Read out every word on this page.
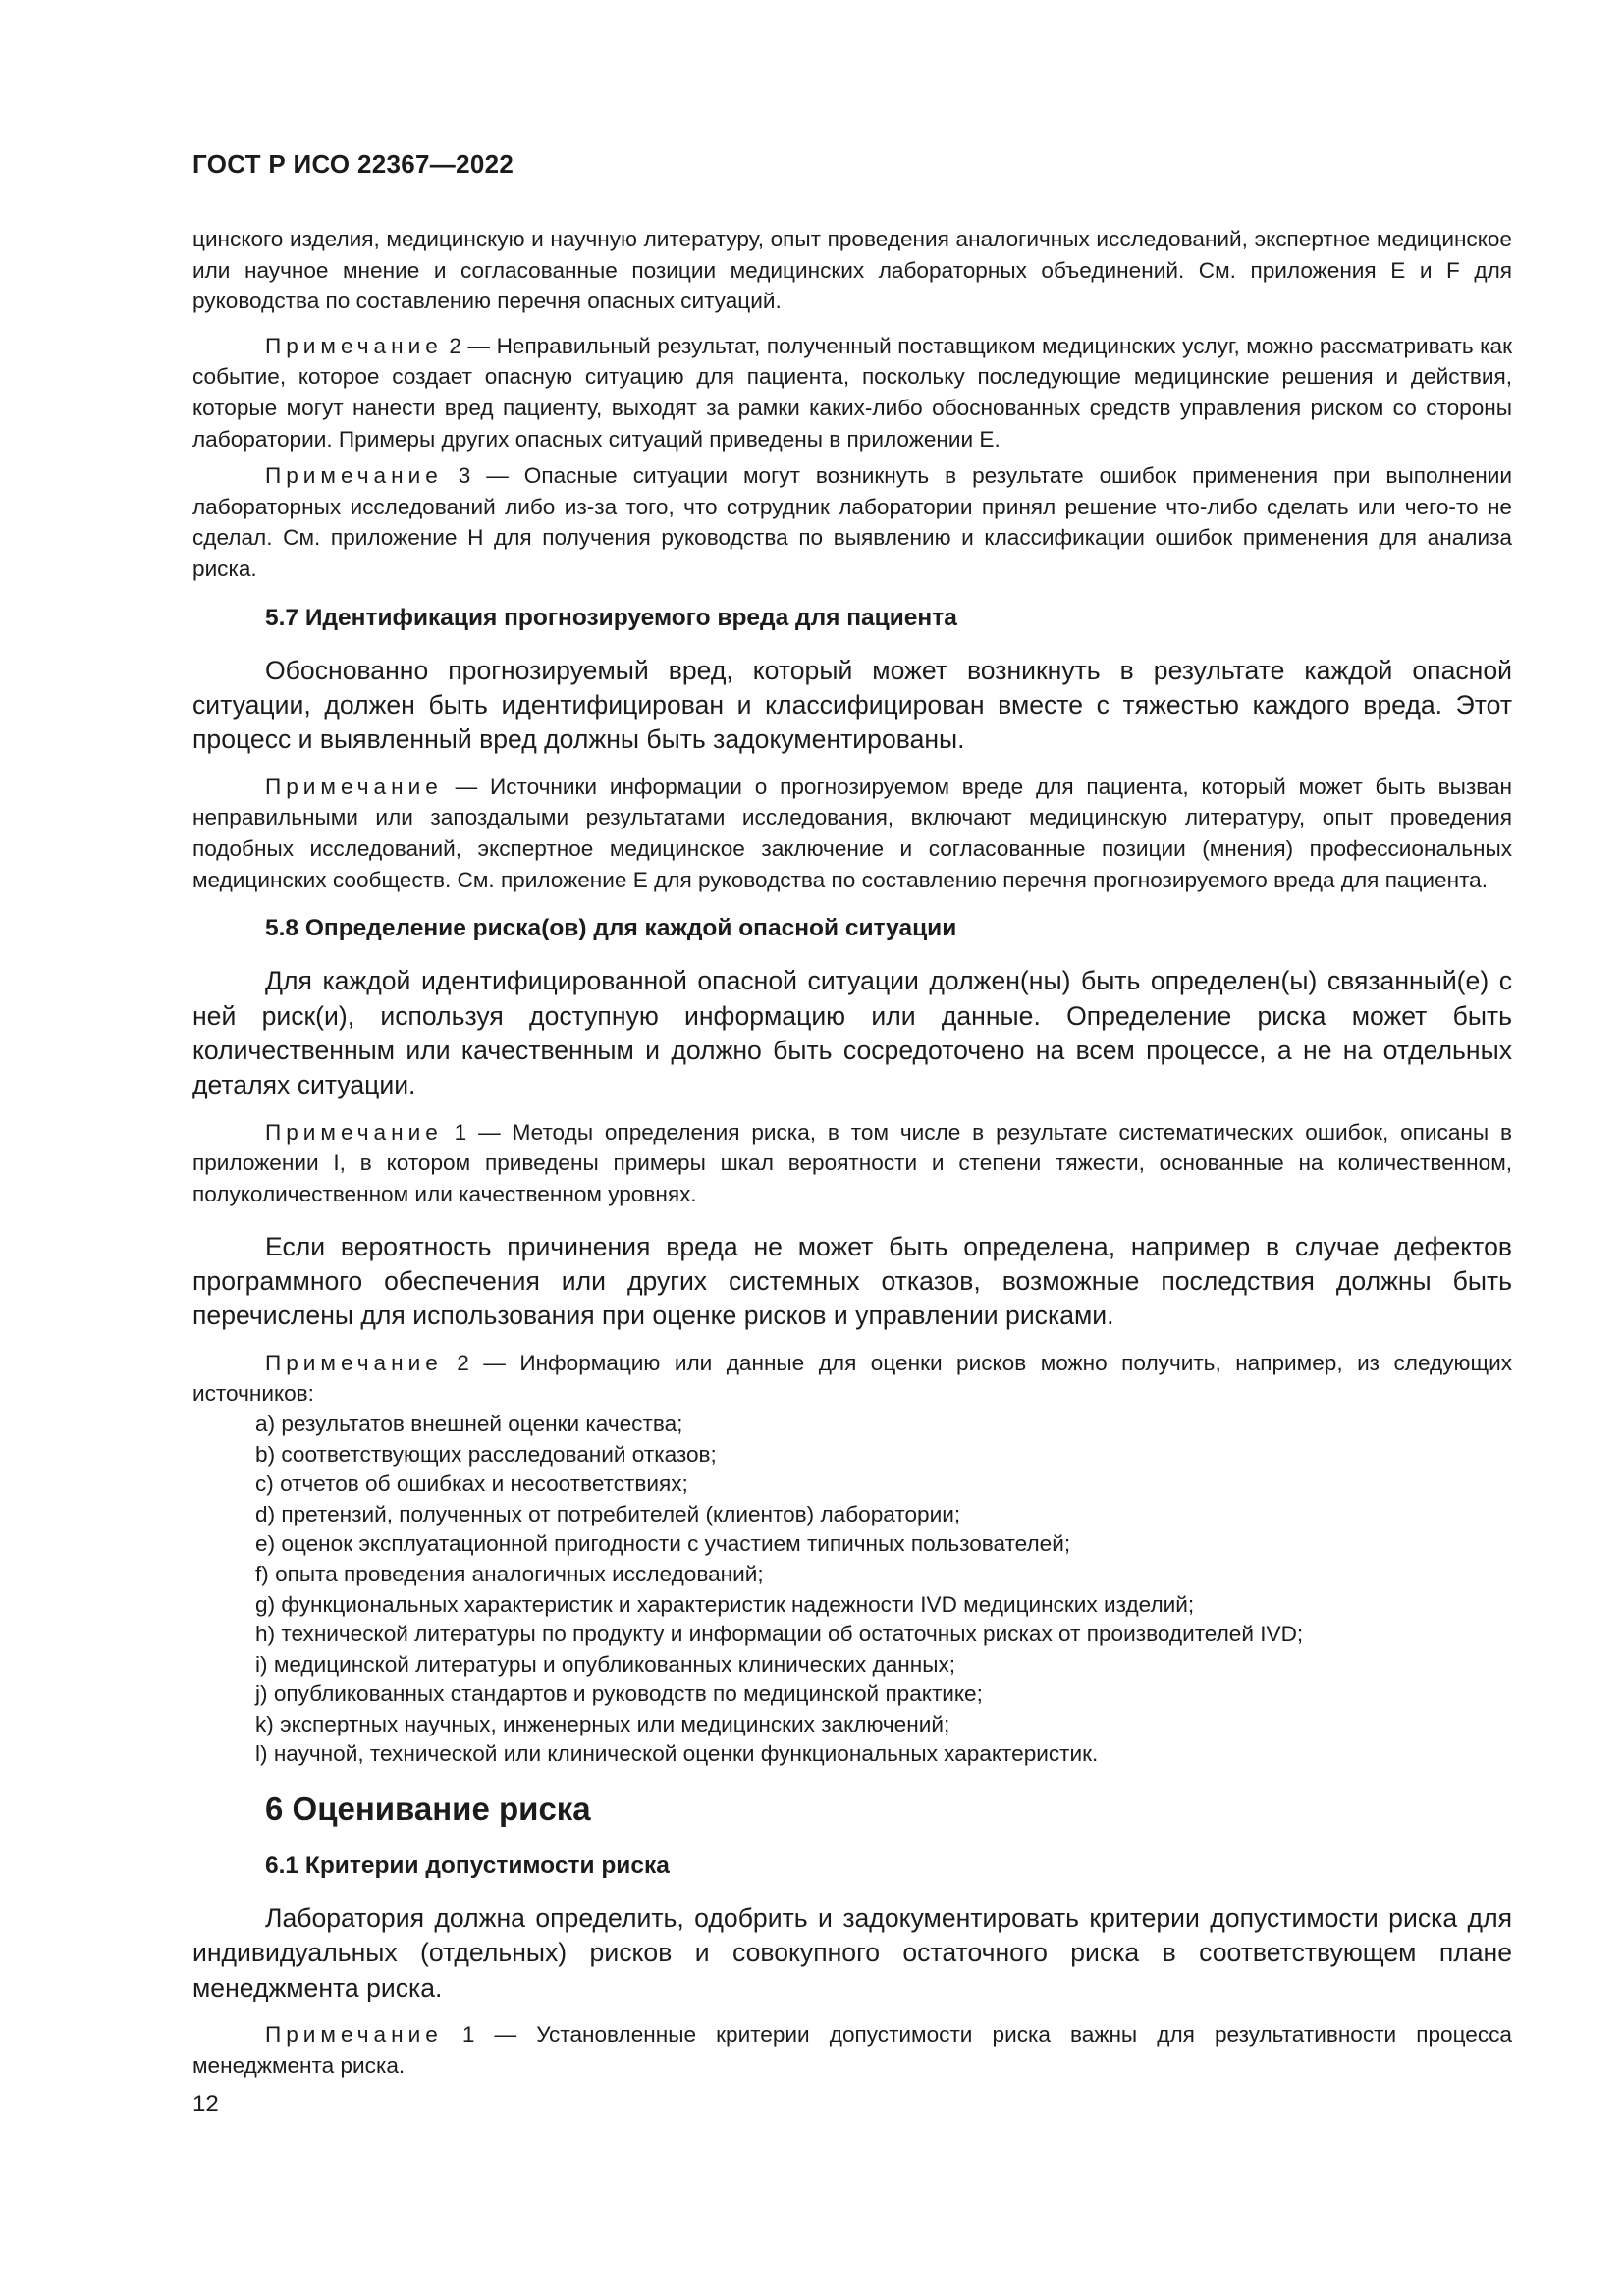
ГОСТ Р ИСО 22367—2022

цинского изделия, медицинскую и научную литературу, опыт проведения аналогичных исследований, экспертное медицинское или научное мнение и согласованные позиции медицинских лабораторных объединений. См. приложения E и F для руководства по составлению перечня опасных ситуаций.

Примечание 2 — Неправильный результат, полученный поставщиком медицинских услуг, можно рассматривать как событие, которое создает опасную ситуацию для пациента, поскольку последующие медицинские решения и действия, которые могут нанести вред пациенту, выходят за рамки каких-либо обоснованных средств управления риском со стороны лаборатории. Примеры других опасных ситуаций приведены в приложении E.

Примечание 3 — Опасные ситуации могут возникнуть в результате ошибок применения при выполнении лабораторных исследований либо из-за того, что сотрудник лаборатории принял решение что-либо сделать или чего-то не сделал. См. приложение H для получения руководства по выявлению и классификации ошибок применения для анализа риска.

5.7 Идентификация прогнозируемого вреда для пациента

Обоснованно прогнозируемый вред, который может возникнуть в результате каждой опасной ситуации, должен быть идентифицирован и классифицирован вместе с тяжестью каждого вреда. Этот процесс и выявленный вред должны быть задокументированы.

Примечание — Источники информации о прогнозируемом вреде для пациента, который может быть вызван неправильными или запоздалыми результатами исследования, включают медицинскую литературу, опыт проведения подобных исследований, экспертное медицинское заключение и согласованные позиции (мнения) профессиональных медицинских сообществ. См. приложение E для руководства по составлению перечня прогнозируемого вреда для пациента.

5.8 Определение риска(ов) для каждой опасной ситуации

Для каждой идентифицированной опасной ситуации должен(ны) быть определен(ы) связанный(е) с ней риск(и), используя доступную информацию или данные. Определение риска может быть количественным или качественным и должно быть сосредоточено на всем процессе, а не на отдельных деталях ситуации.

Примечание 1 — Методы определения риска, в том числе в результате систематических ошибок, описаны в приложении I, в котором приведены примеры шкал вероятности и степени тяжести, основанные на количественном, полуколичественном или качественном уровнях.

Если вероятность причинения вреда не может быть определена, например в случае дефектов программного обеспечения или других системных отказов, возможные последствия должны быть перечислены для использования при оценке рисков и управлении рисками.

Примечание 2 — Информацию или данные для оценки рисков можно получить, например, из следующих источников:

a) результатов внешней оценки качества;
b) соответствующих расследований отказов;
c) отчетов об ошибках и несоответствиях;
d) претензий, полученных от потребителей (клиентов) лаборатории;
e) оценок эксплуатационной пригодности с участием типичных пользователей;
f) опыта проведения аналогичных исследований;
g) функциональных характеристик и характеристик надежности IVD медицинских изделий;
h) технической литературы по продукту и информации об остаточных рисках от производителей IVD;
i) медицинской литературы и опубликованных клинических данных;
j) опубликованных стандартов и руководств по медицинской практике;
k) экспертных научных, инженерных или медицинских заключений;
l) научной, технической или клинической оценки функциональных характеристик.
6 Оценивание риска
6.1 Критерии допустимости риска

Лаборатория должна определить, одобрить и задокументировать критерии допустимости риска для индивидуальных (отдельных) рисков и совокупного остаточного риска в соответствующем плане менеджмента риска.

Примечание 1 — Установленные критерии допустимости риска важны для результативности процесса менеджмента риска.

12
